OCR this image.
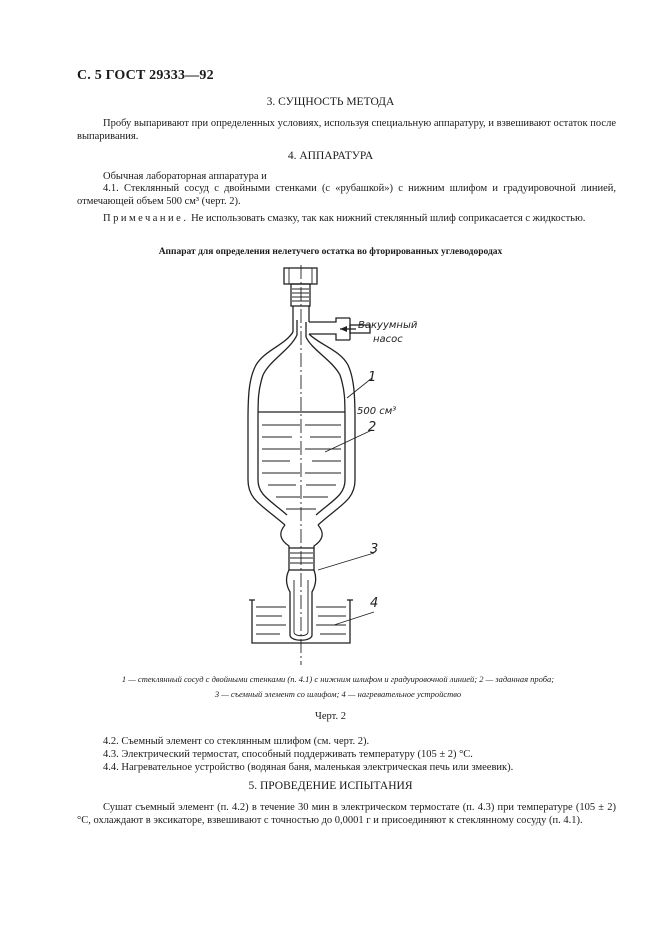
С. 5 ГОСТ 29333—92
3. СУЩНОСТЬ МЕТОДА
Пробу выпаривают при определенных условиях, используя специальную аппаратуру, и взвешивают остаток после выпаривания.
4. АППАРАТУРА
Обычная лабораторная аппаратура и
4.1. Стеклянный сосуд с двойными стенками (с «рубашкой») с нижним шлифом и градуировочной линией, отмечающей объем 500 см³ (черт. 2).
Примечание. Не использовать смазку, так как нижний стеклянный шлиф соприкасается с жидкостью.
Аппарат для определения нелетучего остатка во фторированных углеводородах
Вакуумный
насос
500 см³
1
2
3
4
1 — стеклянный сосуд с двойными стенками (п. 4.1) с нижним шлифом и градуировочной линией; 2 — заданная проба;
3 — съемный элемент со шлифом; 4 — нагревательное устройство
Черт. 2
4.2. Съемный элемент со стеклянным шлифом (см. черт. 2).
4.3. Электрический термостат, способный поддерживать температуру (105 ± 2) °С.
4.4. Нагревательное устройство (водяная баня, маленькая электрическая печь или змеевик).
5. ПРОВЕДЕНИЕ ИСПЫТАНИЯ
Сушат съемный элемент (п. 4.2) в течение 30 мин в электрическом термостате (п. 4.3) при температуре (105 ± 2) °С, охлаждают в эксикаторе, взвешивают с точностью до 0,0001 г и присоединяют к стеклянному сосуду (п. 4.1).
